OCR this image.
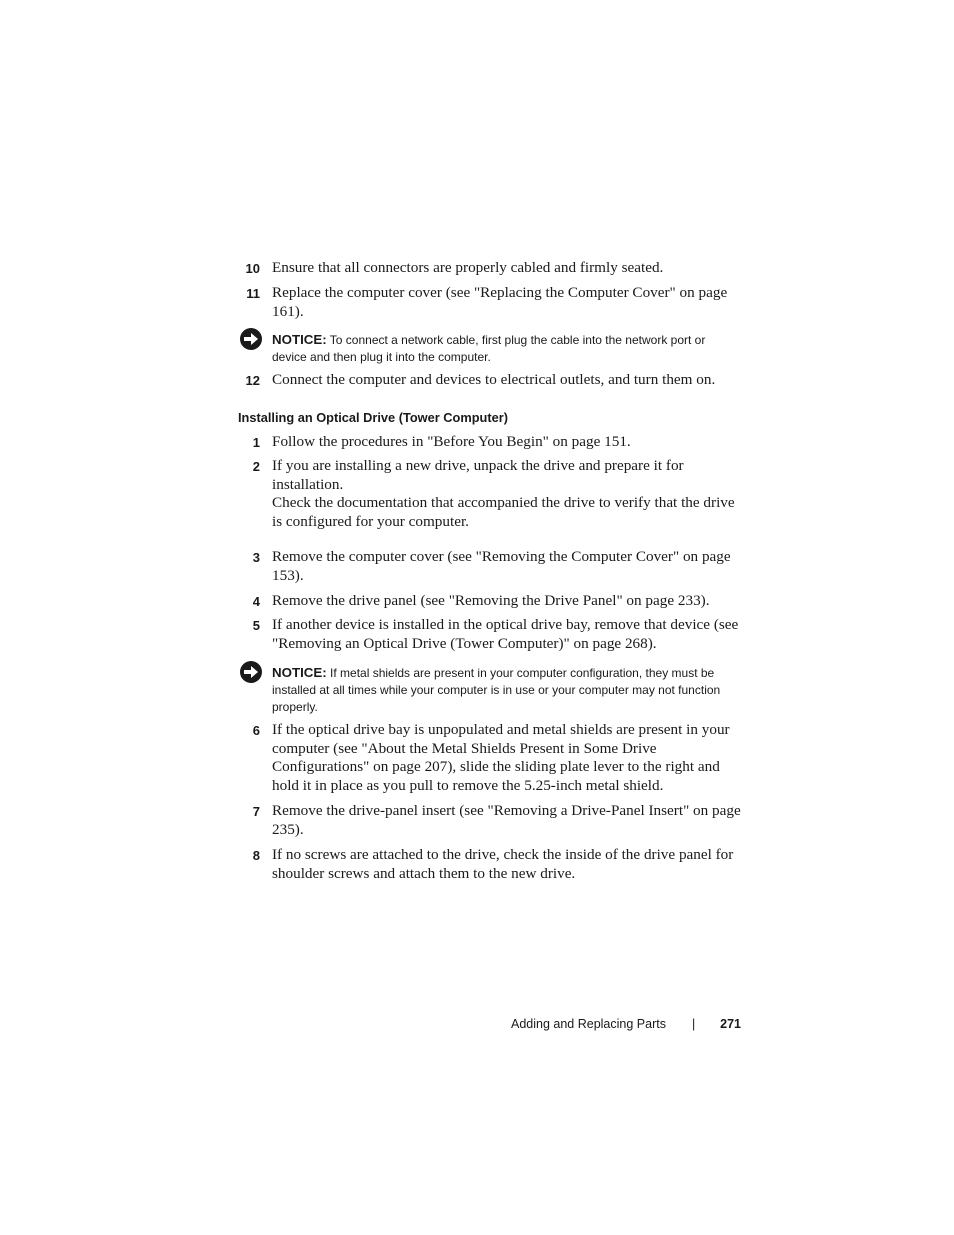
10 Ensure that all connectors are properly cabled and firmly seated.

11 Replace the computer cover (see "Replacing the Computer Cover" on page 161).

NOTICE: To connect a network cable, first plug the cable into the network port or device and then plug it into the computer.
12 Connect the computer and devices to electrical outlets, and turn them on.

Installing an Optical Drive (Tower Computer)
1 Follow the procedures in "Before You Begin" on page 151.

2 If you are installing a new drive, unpack the drive and prepare it for installation.

Check the documentation that accompanied the drive to verify that the drive is configured for your computer.

3 Remove the computer cover (see "Removing the Computer Cover" on page 153).

4 Remove the drive panel (see "Removing the Drive Panel" on page 233).

5 If another device is installed in the optical drive bay, remove that device (see "Removing an Optical Drive (Tower Computer)" on page 268).

NOTICE: If metal shields are present in your computer configuration, they must be installed at all times while your computer is in use or your computer may not function properly.
6 If the optical drive bay is unpopulated and metal shields are present in your computer (see "About the Metal Shields Present in Some Drive Configurations" on page 207), slide the sliding plate lever to the right and hold it in place as you pull to remove the 5.25-inch metal shield.

7 Remove the drive-panel insert (see "Removing a Drive-Panel Insert" on page 235).

8 If no screws are attached to the drive, check the inside of the drive panel for shoulder screws and attach them to the new drive.

Adding and Replacing Parts | 271
